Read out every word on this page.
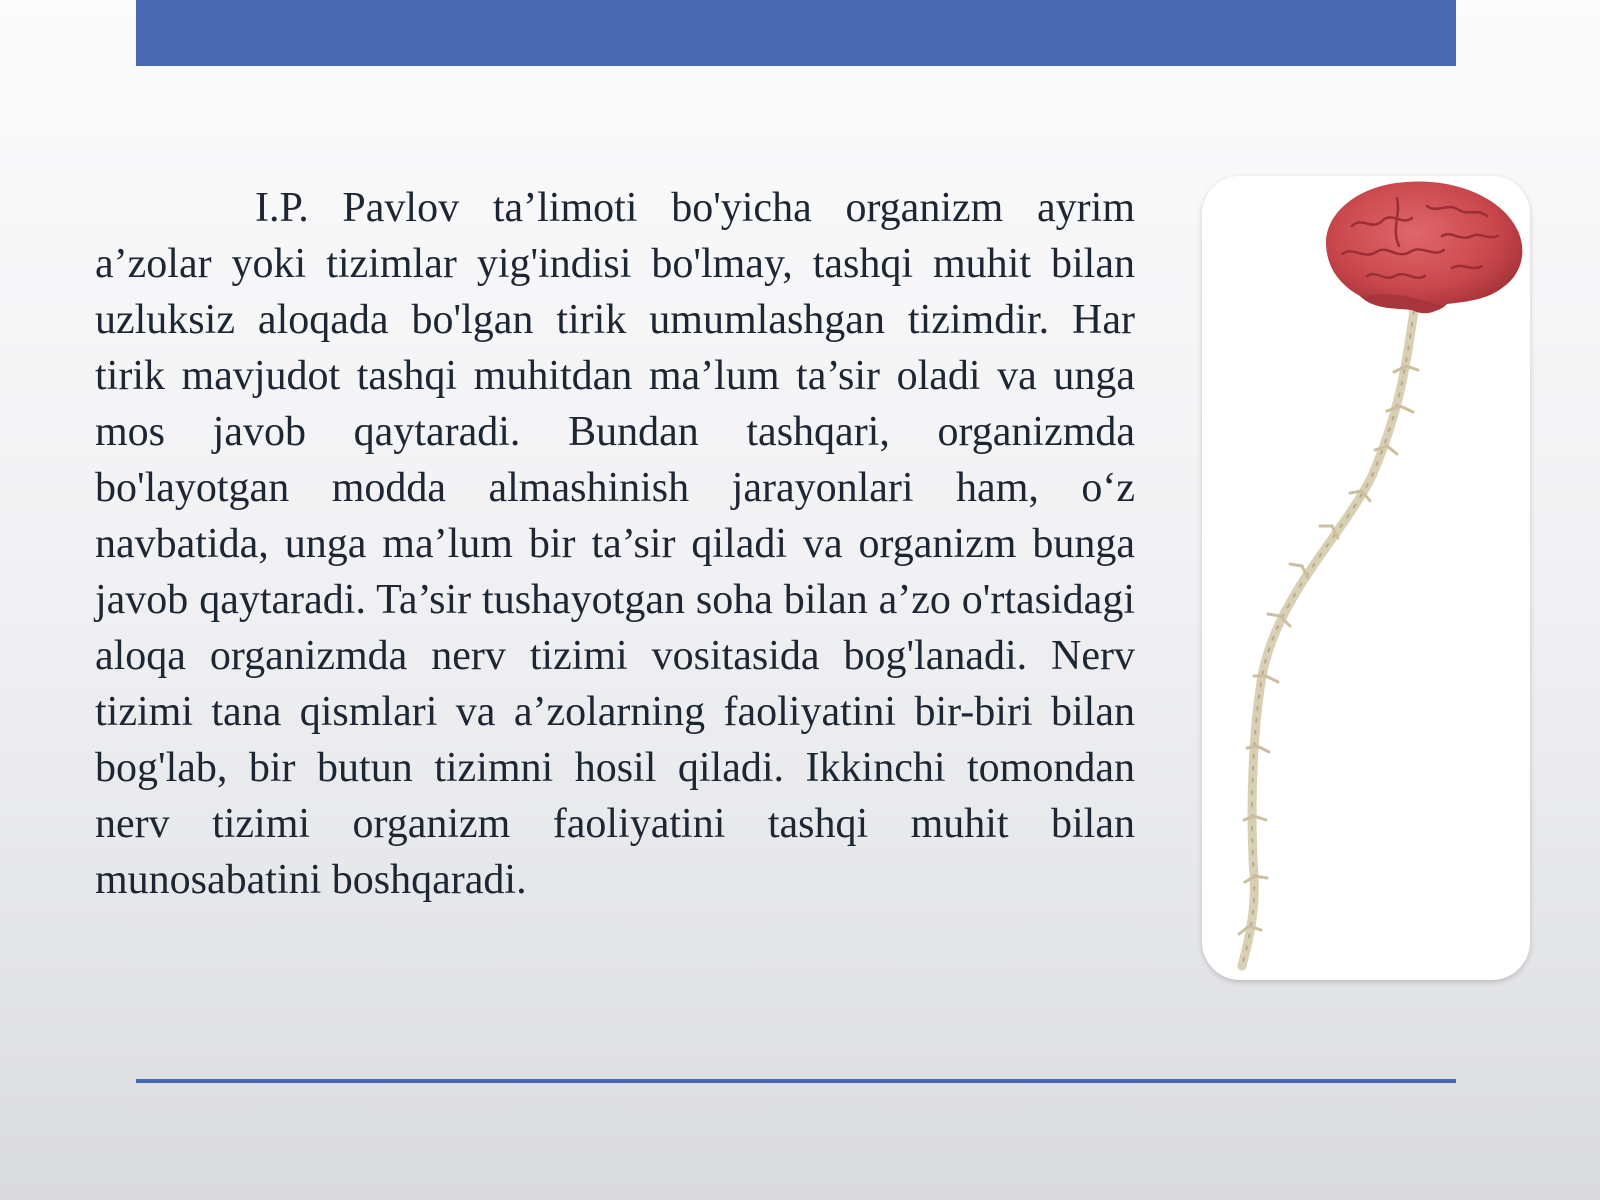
I.P. Pavlov ta’limoti bo'yicha organizm ayrim a’zolar yoki tizimlar yig'indisi bo'lmay, tashqi muhit bilan uzluksiz aloqada bo'lgan tirik umumlashgan tizimdir. Har tirik mavjudot tashqi muhitdan ma’lum ta’sir oladi va unga mos javob qaytaradi. Bundan tashqari, organizmda bo'layotgan modda almashinish jarayonlari ham, o‘z navbatida, unga ma’lum bir ta’sir qiladi va organizm bunga javob qaytaradi. Ta’sir tushayotgan soha bilan a’zo o'rtasidagi aloqa organizmda nerv tizimi vositasida bog'lanadi. Nerv tizimi tana qismlari va a’zolarning faoliyatini bir-biri bilan bog'lab, bir butun tizimni hosil qiladi. Ikkinchi tomondan nerv tizimi organizm faoliyatini tashqi muhit bilan munosabatini boshqaradi.
